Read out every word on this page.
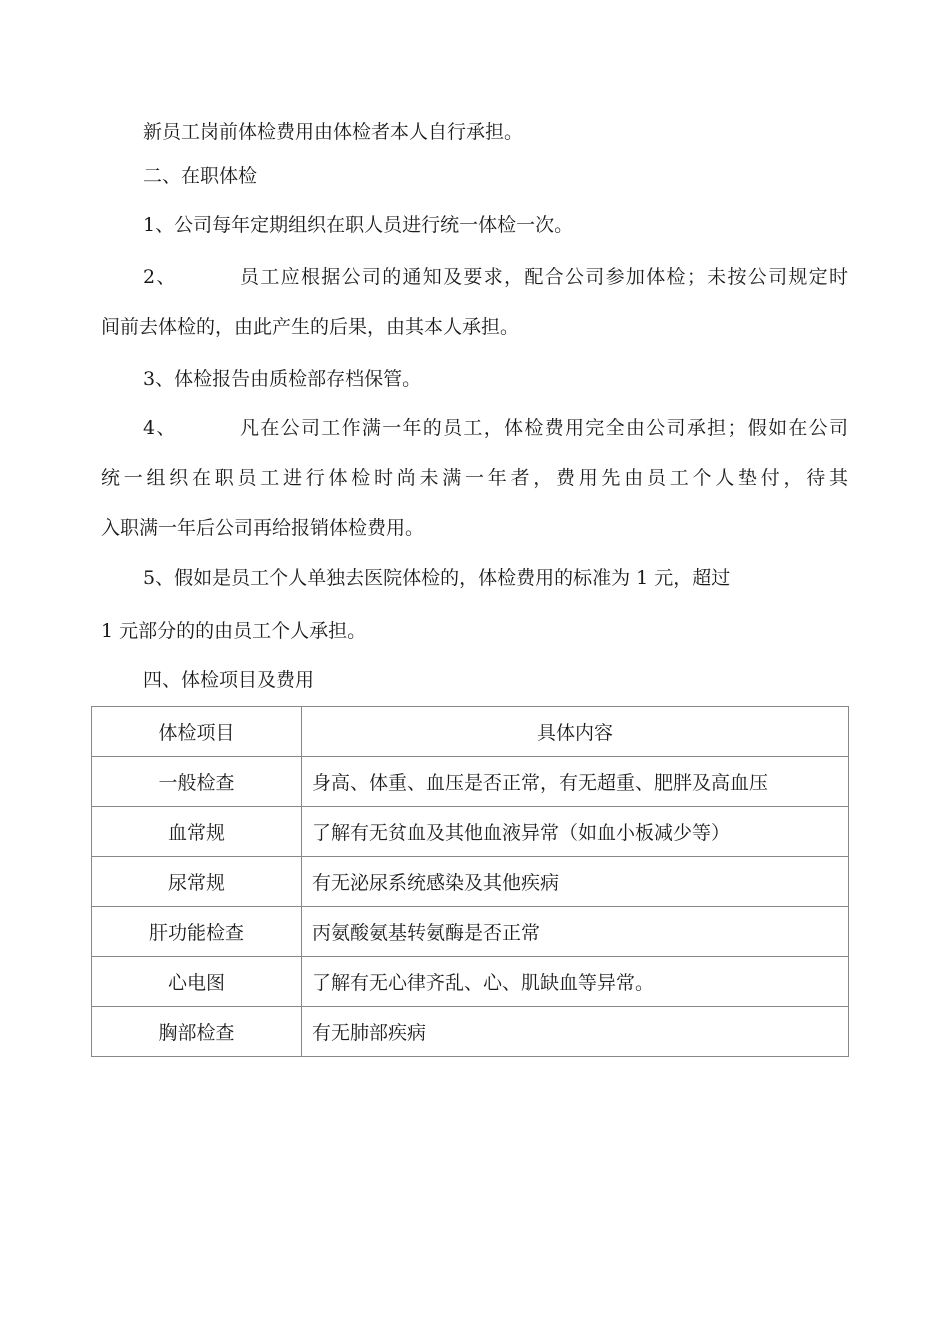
新员工岗前体检费用由体检者本人自行承担。
二、在职体检
1、公司每年定期组织在职人员进行统一体检一次。
2、	员工应根据公司的通知及要求，配合公司参加体检；未按公司规定时
间前去体检的，由此产生的后果，由其本人承担。
3、体检报告由质检部存档保管。
4、	凡在公司工作满一年的员工，体检费用完全由公司承担；假如在公司
统一组织在职员工进行体检时尚未满一年者，费用先由员工个人垫付，待其
入职满一年后公司再给报销体检费用。
5、假如是员工个人单独去医院体检的，体检费用的标准为 1 元，超过
1 元部分的的由员工个人承担。
四、体检项目及费用
体检项目	具体内容
一般检查	身高、体重、血压是否正常，有无超重、肥胖及高血压
血常规	了解有无贫血及其他血液异常（如血小板减少等）
尿常规	有无泌尿系统感染及其他疾病
肝功能检查	丙氨酸氨基转氨酶是否正常
心电图	了解有无心律齐乱、心、肌缺血等异常。
胸部检查	有无肺部疾病
